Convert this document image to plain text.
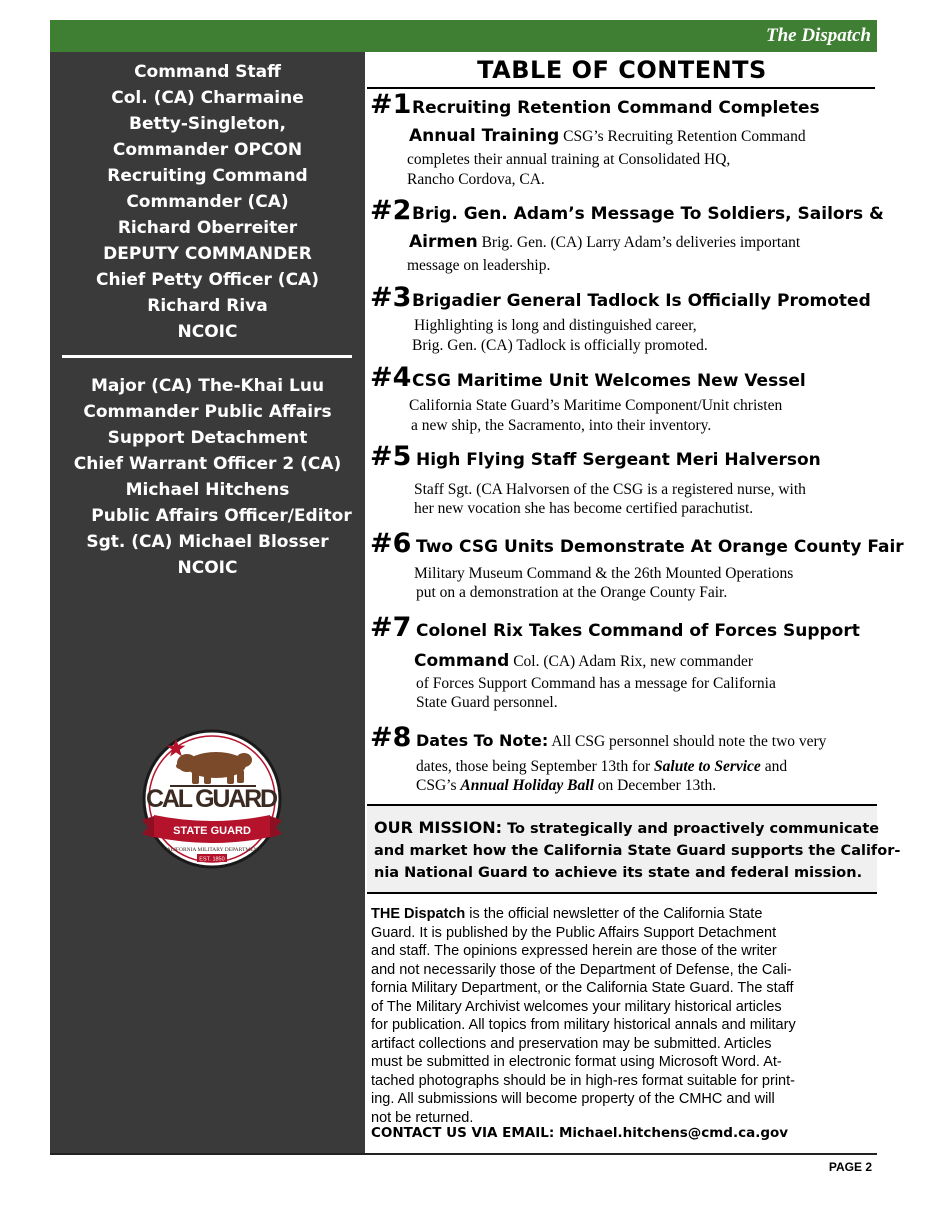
The Dispatch
Command Staff
Col. (CA) Charmaine
Betty-Singleton,
Commander OPCON
Recruiting Command
Commander (CA)
Richard Oberreiter
DEPUTY COMMANDER
Chief Petty Officer (CA)
Richard Riva
NCOIC
Major (CA) The-Khai Luu
Commander Public Affairs
Support Detachment
Chief Warrant Officer 2 (CA)
Michael Hitchens
Public Affairs Officer/Editor
Sgt. (CA) Michael Blosser
NCOIC
CAL GUARD
STATE GUARD
CALIFORNIA MILITARY DEPARTMENT
EST. 1850
TABLE OF CONTENTS
#1 Recruiting Retention Command Completes
Annual Training CSG’s Recruiting Retention Command
completes their annual training at Consolidated HQ,
Rancho Cordova, CA.
#2 Brig. Gen. Adam’s Message To Soldiers, Sailors &
Airmen Brig. Gen. (CA) Larry Adam’s deliveries important
message on leadership.
#3 Brigadier General Tadlock Is Officially Promoted
Highlighting is long and distinguished career,
Brig. Gen. (CA) Tadlock is officially promoted.
#4 CSG Maritime Unit Welcomes New Vessel
California State Guard’s Maritime Component/Unit christen
a new ship, the Sacramento, into their inventory.
#5 High Flying Staff Sergeant Meri Halverson
Staff Sgt. (CA Halvorsen of the CSG is a registered nurse, with
her new vocation she has become certified parachutist.
#6 Two CSG Units Demonstrate At Orange County Fair
Military Museum Command & the 26th Mounted Operations
put on a demonstration at the Orange County Fair.
#7 Colonel Rix Takes Command of Forces Support
Command Col. (CA) Adam Rix, new commander
of Forces Support Command has a message for California
State Guard personnel.
#8 Dates To Note: All CSG personnel should note the two very
dates, those being September 13th for Salute to Service and
CSG’s Annual Holiday Ball on December 13th.
OUR MISSION: To strategically and proactively communicate
and market how the California State Guard supports the Califor-
nia National Guard to achieve its state and federal mission.
THE Dispatch is the official newsletter of the California State
Guard. It is published by the Public Affairs Support Detachment
and staff. The opinions expressed herein are those of the writer
and not necessarily those of the Department of Defense, the Cali-
fornia Military Department, or the California State Guard. The staff
of The Military Archivist welcomes your military historical articles
for publication. All topics from military historical annals and military
artifact collections and preservation may be submitted. Articles
must be submitted in electronic format using Microsoft Word. At-
tached photographs should be in high-res format suitable for print-
ing. All submissions will become property of the CMHC and will
not be returned.
CONTACT US VIA EMAIL: Michael.hitchens@cmd.ca.gov
PAGE 2
